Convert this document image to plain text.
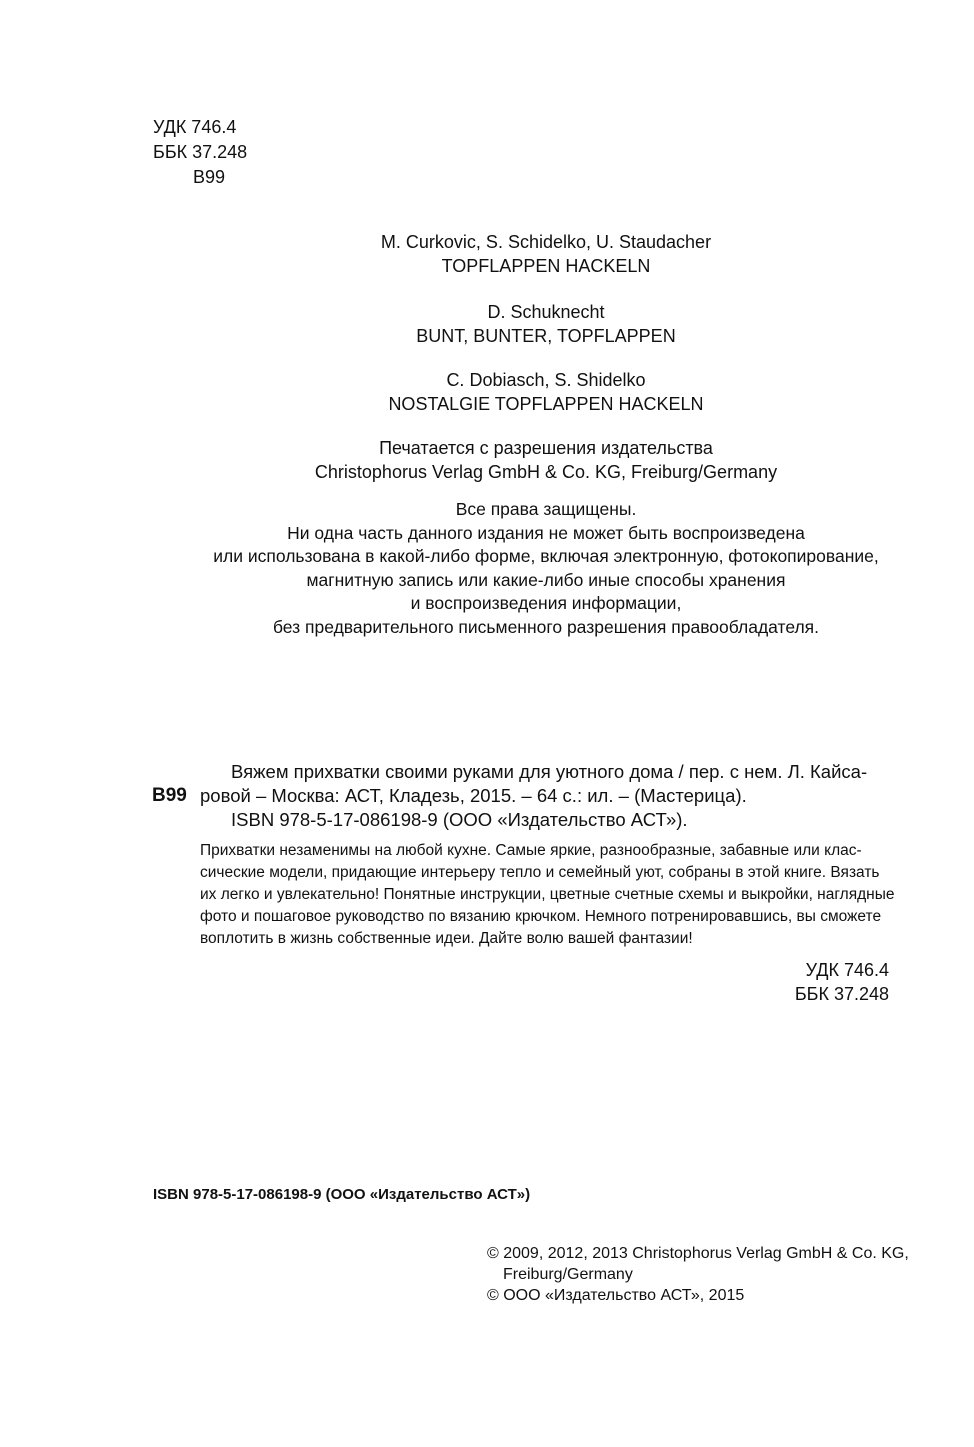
УДК 746.4
ББК 37.248
В99
M. Curkovic, S. Schidelko, U. Staudacher
TOPFLAPPEN HACKELN
D. Schuknecht
BUNT, BUNTER, TOPFLAPPEN
C. Dobiasch, S. Shidelko
NOSTALGIE TOPFLAPPEN HACKELN
Печатается с разрешения издательства
Christophorus Verlag GmbH & Co. KG, Freiburg/Germany
Все права защищены.
Ни одна часть данного издания не может быть воспроизведена
или использована в какой-либо форме, включая электронную, фотокопирование,
магнитную запись или какие-либо иные способы хранения
и воспроизведения информации,
без предварительного письменного разрешения правообладателя.
В99
Вяжем прихватки своими руками для уютного дома / пер. с нем. Л. Кайса-
ровой – Москва: АСТ, Кладезь, 2015. – 64 с.: ил. – (Мастерица).
ISBN 978-5-17-086198-9 (ООО «Издательство АСТ»).
Прихватки незаменимы на любой кухне. Самые яркие, разнообразные, забавные или клас-
сические модели, придающие интерьеру тепло и семейный уют, собраны в этой книге. Вязать
их легко и увлекательно! Понятные инструкции, цветные счетные схемы и выкройки, наглядные
фото и пошаговое руководство по вязанию крючком. Немного потренировавшись, вы сможете
воплотить в жизнь собственные идеи. Дайте волю вашей фантазии!
УДК 746.4
ББК 37.248
ISBN 978-5-17-086198-9 (ООО «Издательство АСТ»)
© 2009, 2012, 2013 Christophorus Verlag GmbH & Co. KG,
Freiburg/Germany
© ООО «Издательство АСТ», 2015
